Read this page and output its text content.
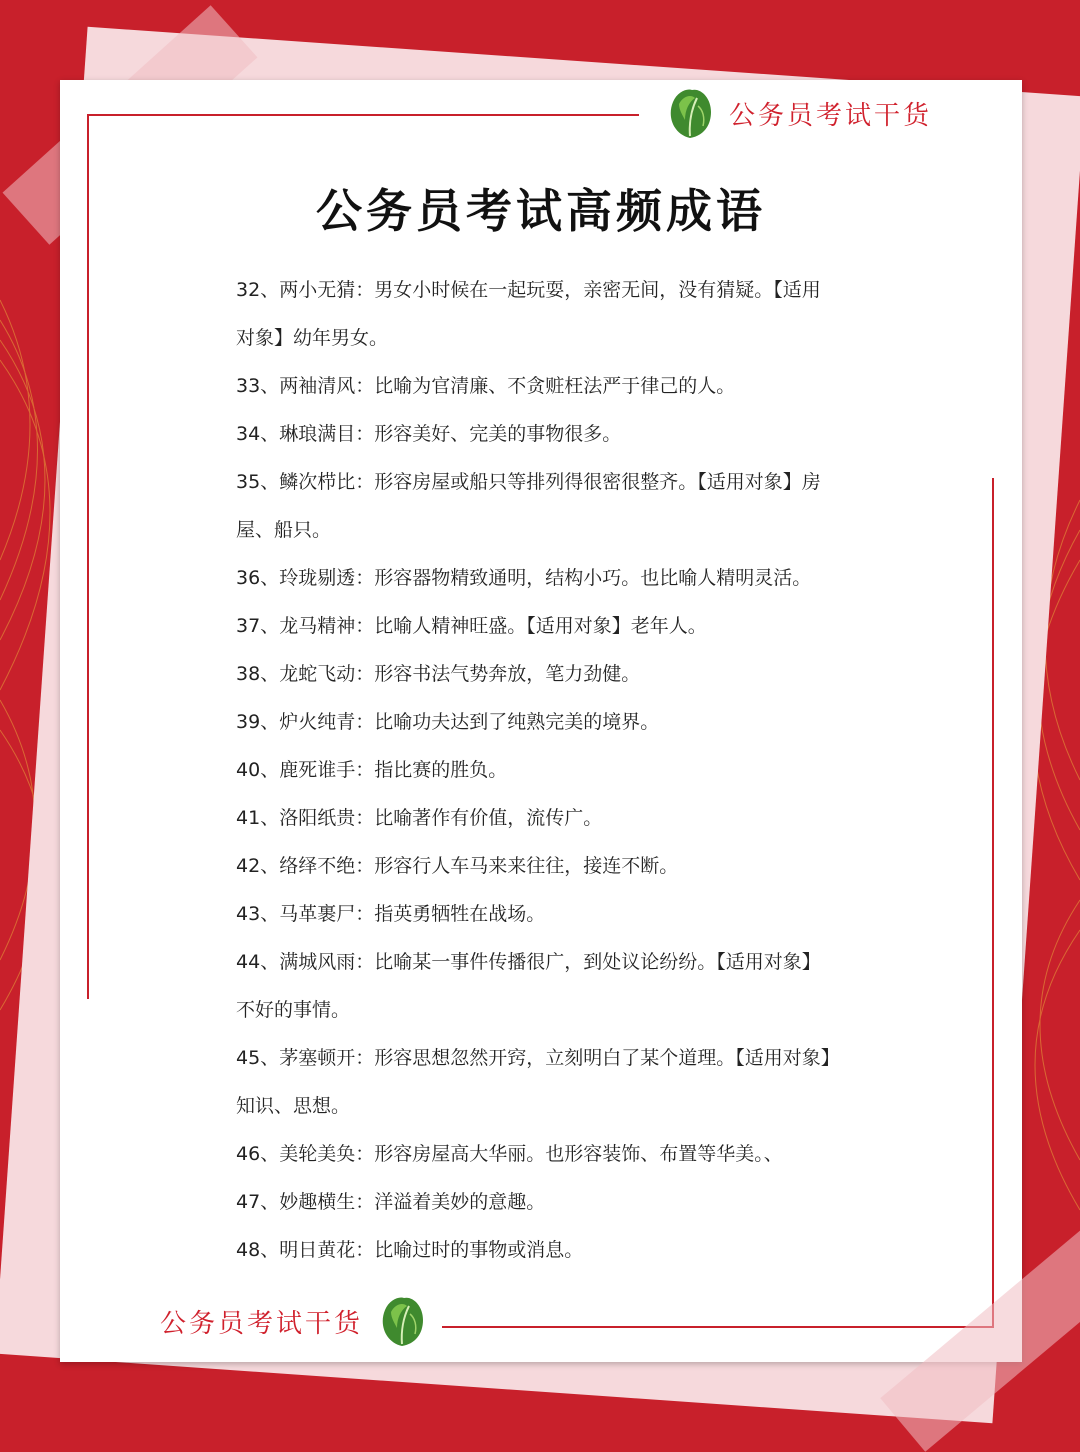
公务员考试干货
公务员考试高频成语
32、两小无猜：男女小时候在一起玩耍，亲密无间，没有猜疑。【适用
对象】幼年男女。
33、两袖清风：比喻为官清廉、不贪赃枉法严于律己的人。
34、琳琅满目：形容美好、完美的事物很多。
35、鳞次栉比：形容房屋或船只等排列得很密很整齐。【适用对象】房
屋、船只。
36、玲珑剔透：形容器物精致通明，结构小巧。也比喻人精明灵活。
37、龙马精神：比喻人精神旺盛。【适用对象】老年人。
38、龙蛇飞动：形容书法气势奔放，笔力劲健。
39、炉火纯青：比喻功夫达到了纯熟完美的境界。
40、鹿死谁手：指比赛的胜负。
41、洛阳纸贵：比喻著作有价值，流传广。
42、络绎不绝：形容行人车马来来往往，接连不断。
43、马革裹尸：指英勇牺牲在战场。
44、满城风雨：比喻某一事件传播很广，到处议论纷纷。【适用对象】
不好的事情。
45、茅塞顿开：形容思想忽然开窍，立刻明白了某个道理。【适用对象】
知识、思想。
46、美轮美奂：形容房屋高大华丽。也形容装饰、布置等华美。、
47、妙趣横生：洋溢着美妙的意趣。
48、明日黄花：比喻过时的事物或消息。
公务员考试干货
